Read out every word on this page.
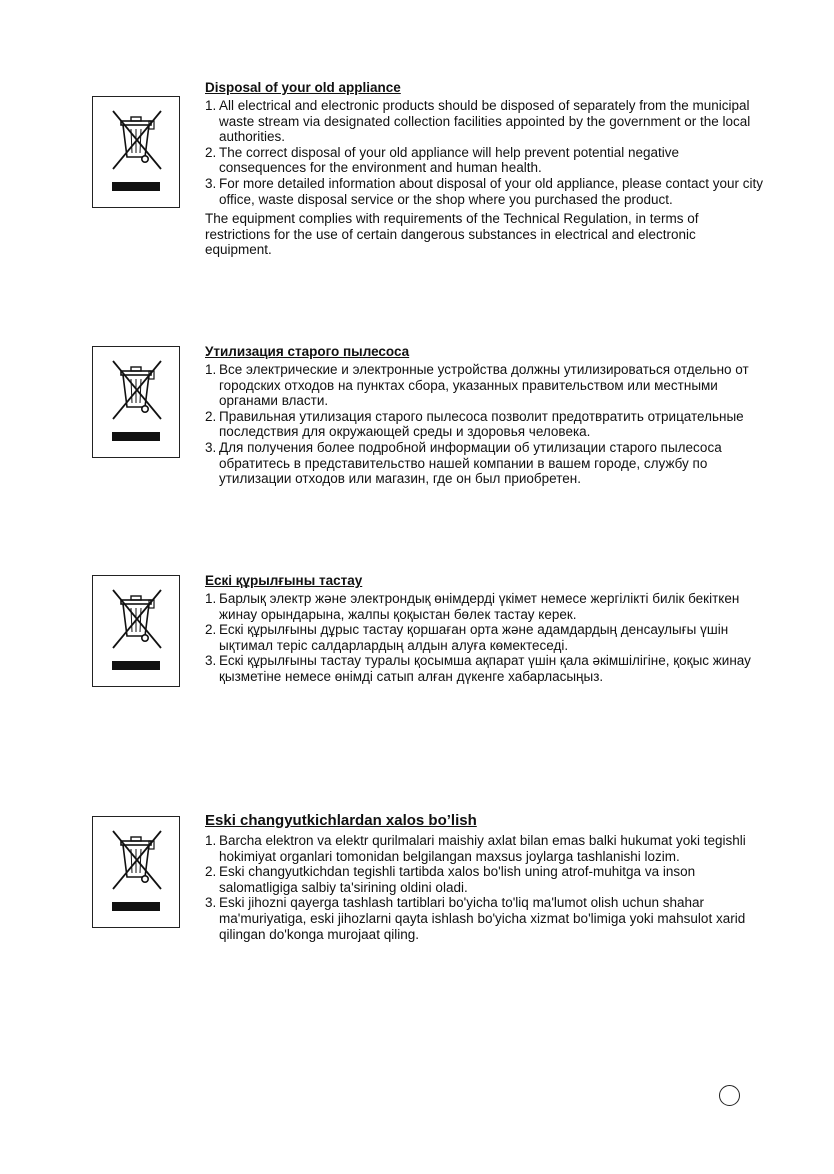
Disposal of your old appliance
1. All electrical and electronic products should be disposed of separately from the municipal waste stream via designated collection facilities appointed by the government or the local authorities.
2. The correct disposal of your old appliance will help prevent potential negative consequences for the environment and human health.
3. For more detailed information about disposal of your old appliance, please contact your city office, waste disposal service or the shop where you purchased the product.
The equipment complies with requirements of the Technical Regulation, in terms of restrictions for the use of certain dangerous substances in electrical and electronic equipment.
Утилизация старого пылесоса
1. Все электрические и электронные устройства должны утилизироваться отдельно от городских отходов на пунктах сбора, указанных правительством или местными органами власти.
2. Правильная утилизация старого пылесоса позволит предотвратить отрицательные последствия для окружающей среды и здоровья человека.
3. Для получения более подробной информации об утилизации старого пылесоса обратитесь в представительство нашей компании в вашем городе, службу по утилизации отходов или магазин, где он был приобретен.
Ескі құрылғыны тастау
1. Барлық электр және электрондық өнімдерді үкімет немесе жергілікті билік бекіткен жинау орындарына, жалпы қоқыстан бөлек тастау керек.
2. Ескі құрылғыны дұрыс тастау қоршаған орта және адамдардың денсаулығы үшін ықтимал теріс салдарлардың алдын алуға көмектеседі.
3. Ескі құрылғыны тастау туралы қосымша ақпарат үшін қала әкімшілігіне, қоқыс жинау қызметіне немесе өнімді сатып алған дүкенге хабарласыңыз.
Eski changyutkichlardan xalos bo’lish
1. Barcha elektron va elektr qurilmalari maishiy axlat bilan emas balki hukumat yoki tegishli hokimiyat organlari tomonidan belgilangan maxsus joylarga tashlanishi lozim.
2. Eski changyutkichdan tegishli tartibda xalos bo'lish uning atrof-muhitga va inson salomatligiga salbiy ta'sirining oldini oladi.
3. Eski jihozni qayerga tashlash tartiblari bo'yicha to'liq ma'lumot olish uchun shahar ma'muriyatiga, eski jihozlarni qayta ishlash bo'yicha xizmat bo'limiga yoki mahsulot xarid qilingan do'konga murojaat qiling.
